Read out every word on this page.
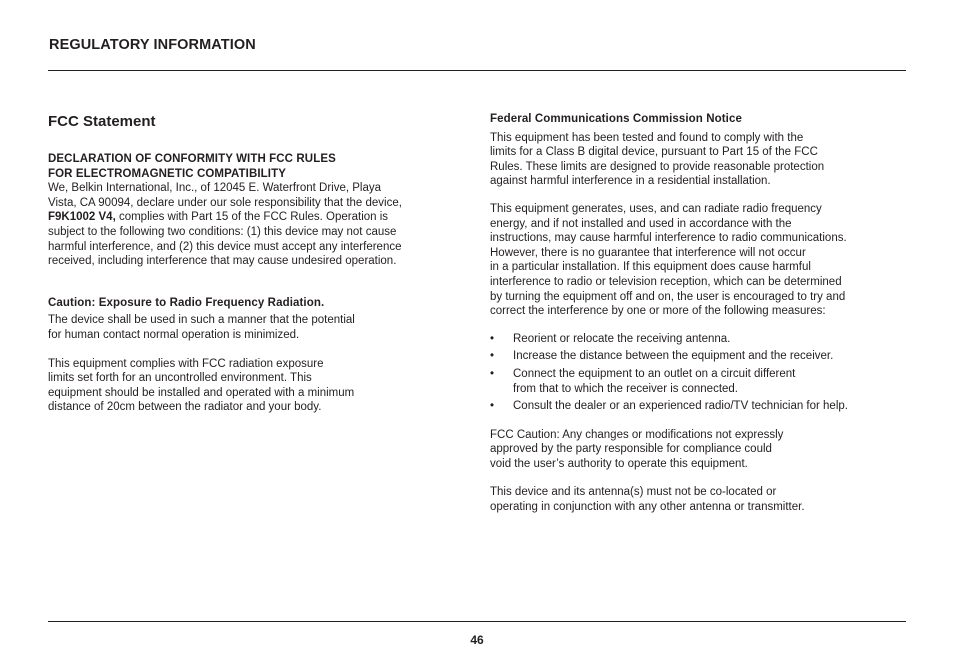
REGULATORY INFORMATION
FCC Statement
DECLARATION OF CONFORMITY WITH FCC RULES
FOR ELECTROMAGNETIC COMPATIBILITY

We, Belkin International, Inc., of 12045 E. Waterfront Drive, Playa
Vista, CA 90094, declare under our sole responsibility that the device,
F9K1002 V4, complies with Part 15 of the FCC Rules. Operation is
subject to the following two conditions: (1) this device may not cause
harmful interference, and (2) this device must accept any interference
received, including interference that may cause undesired operation.

Caution: Exposure to Radio Frequency Radiation.

The device shall be used in such a manner that the potential
for human contact normal operation is minimized.

This equipment complies with FCC radiation exposure
limits set forth for an uncontrolled environment. This
equipment should be installed and operated with a minimum
distance of 20cm between the radiator and your body.

Federal Communications Commission Notice

This equipment has been tested and found to comply with the
limits for a Class B digital device, pursuant to Part 15 of the FCC
Rules. These limits are designed to provide reasonable protection
against harmful interference in a residential installation.

This equipment generates, uses, and can radiate radio frequency
energy, and if not installed and used in accordance with the
instructions, may cause harmful interference to radio communications.
However, there is no guarantee that interference will not occur
in a particular installation. If this equipment does cause harmful
interference to radio or television reception, which can be determined
by turning the equipment off and on, the user is encouraged to try and
correct the interference by one or more of the following measures:

• Reorient or relocate the receiving antenna.
• Increase the distance between the equipment and the receiver.
• Connect the equipment to an outlet on a circuit different
from that to which the receiver is connected.
• Consult the dealer or an experienced radio/TV technician for help.

FCC Caution: Any changes or modifications not expressly
approved by the party responsible for compliance could
void the user’s authority to operate this equipment.

This device and its antenna(s) must not be co-located or
operating in conjunction with any other antenna or transmitter.

46
